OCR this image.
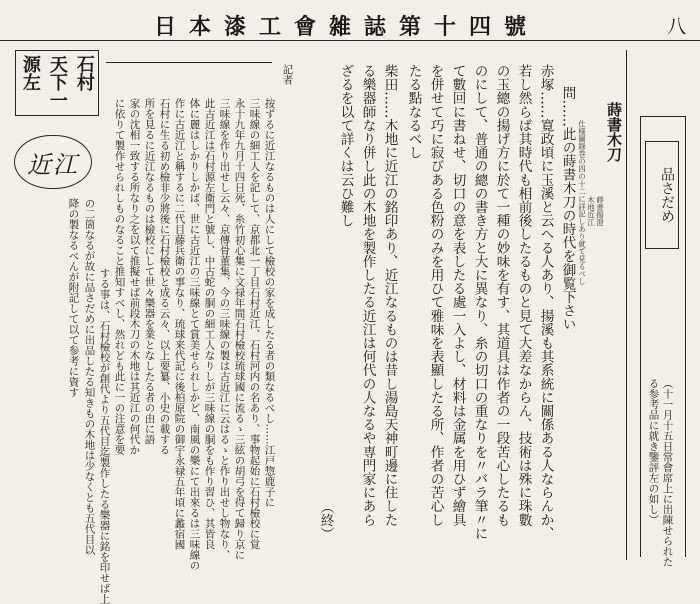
日本漆工會雑誌第十四號	八
品さだめ
（十一月十五日常會席上に出陳せられた
る参考品に就き鑒評左の如し）
蒔書木刀
蒔書揚澄
木地近江
仕様圖錄巻の四の十二に詳記しあり就て見るべし
問……此の蒔書木刀の時代を御覧下さい
赤塚……寛政頃に玉溪と云へる人あり、揚溪も其系統に關係ある人ならんか、
若し然らば其時代も相前後したるものと見て大差なからん、技術は殊に珠數
の玉總の揚げ方に於て一種の妙味を有す、其道具は作者の一段苦心したるも
のにして、普通の總の書き方と大に異なり、糸の切口の重なりを〃バラ筆〃に
て數回に書ねせ、切口の意を表したる處一入よし、材料は金属を用ひず繪具
を併せて巧に寂びある色粉のみを用ひて雅味を表顯したる所、作者の苦心し
たる點なるべし
柴田……木地に近江の銘印あり、近江なるものは昔し湯島天神町邊に住した
る樂器師なり併し此の木地を製作したる近江は何代の人なるや専門家にあら
ざるを以て詳くは云ひ難し
（終）
記者
按ずるに近江なるものは人にして檢校の家を成したる者の類なるべし……江戸惣鹿子に
三味線の細工人を記して、京都北一丁目石村近江、石村河内の名あり、事物起始に石村檢校に覚
永十九年九月十四日死、糸竹初心集に文禄年間石村檢校琉球國に流るゝ三絃の胡弓を得て歸り京に
三味線を作り出せし云々、京傳骨董集、今の三味線の製は古近江に云はるゝと作り出せし物なり、
此古近江は石村源左衛門と號し、中古蛇の胴の細工人なりしが三味線の胴をも作り習ひ、其皆良
体に麗はしかりしかば、世に古近江の三味線とて賞美せられしかど、南風の樂にて出來るは三味線の
作に古近江と稱するに二代目藤兵衛の事なり、琉球来代記に後柏原院の御宇永禄五年頃に蠡宿國
石村に生る初め檢非少將後に石村檢校と成る云々、以上要纂、小史の載する
所を見るに近江なるものは檢校にして世々樂器を業となしたる者の由に語
家の沈相一致する所なり之を以て推擬せば前段木刀の木地は其近江の何代か
に依りて製作せられしものなること推知すべし、然れども此に一の注意を要
する事は、石村檢校が創代より五代目迄製作したる樂器に銘を印せば上
の二箇なるが故に品さだめに出品したる知きもの木地は少なくとも五代目以
降の製なるべんが附記して以て参考に資す
石村
天下一
源左
近江
